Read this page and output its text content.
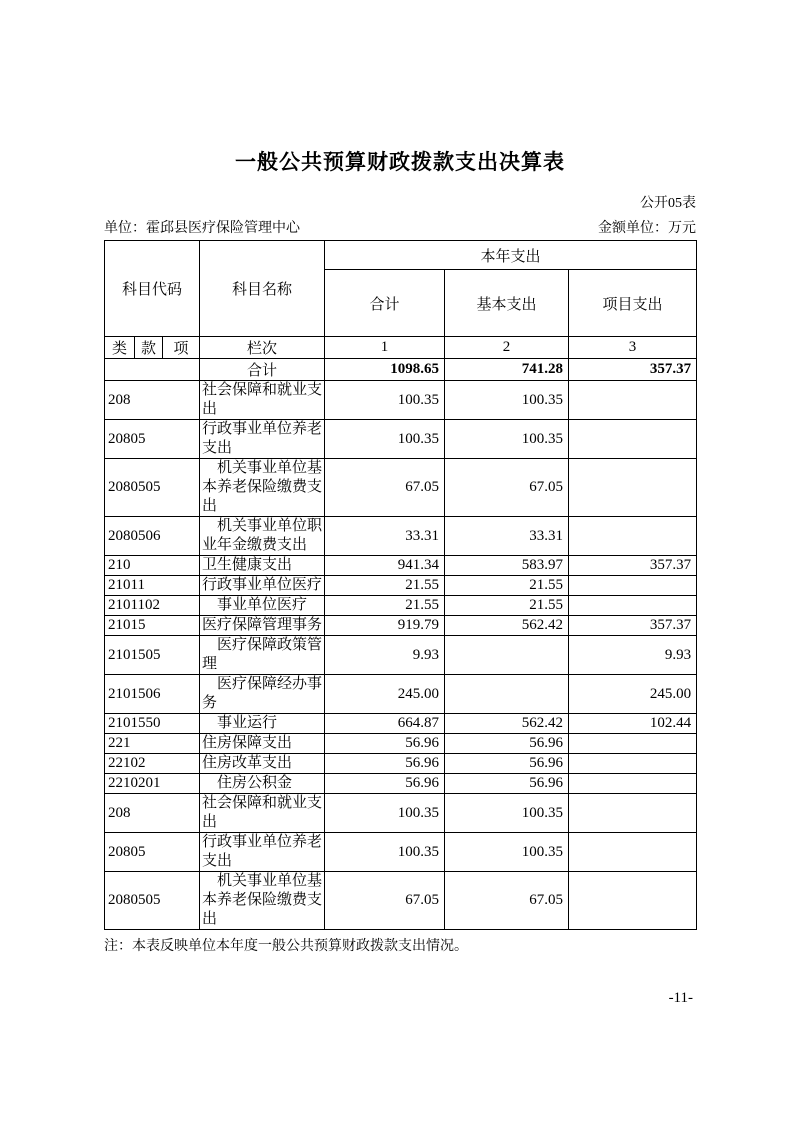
一般公共预算财政拨款支出决算表
公开05表
单位：霍邱县医疗保险管理中心	金额单位：万元
科目代码			科目名称	本年支出		
				合计	基本支出	项目支出
类	款	项	栏次	1	2	3
			合计	1098.65	741.28	357.37
208			社会保障和就业支出	100.35	100.35	
20805			行政事业单位养老支出	100.35	100.35	
2080505			机关事业单位基本养老保险缴费支出	67.05	67.05	
2080506			机关事业单位职业年金缴费支出	33.31	33.31	
210			卫生健康支出	941.34	583.97	357.37
21011			行政事业单位医疗	21.55	21.55	
2101102			事业单位医疗	21.55	21.55	
21015			医疗保障管理事务	919.79	562.42	357.37
2101505			医疗保障政策管理	9.93		9.93
2101506			医疗保障经办事务	245.00		245.00
2101550			事业运行	664.87	562.42	102.44
221			住房保障支出	56.96	56.96	
22102			住房改革支出	56.96	56.96	
2210201			住房公积金	56.96	56.96	
208			社会保障和就业支出	100.35	100.35	
20805			行政事业单位养老支出	100.35	100.35	
2080505			机关事业单位基本养老保险缴费支出	67.05	67.05	
注：本表反映单位本年度一般公共预算财政拨款支出情况。
-11-
